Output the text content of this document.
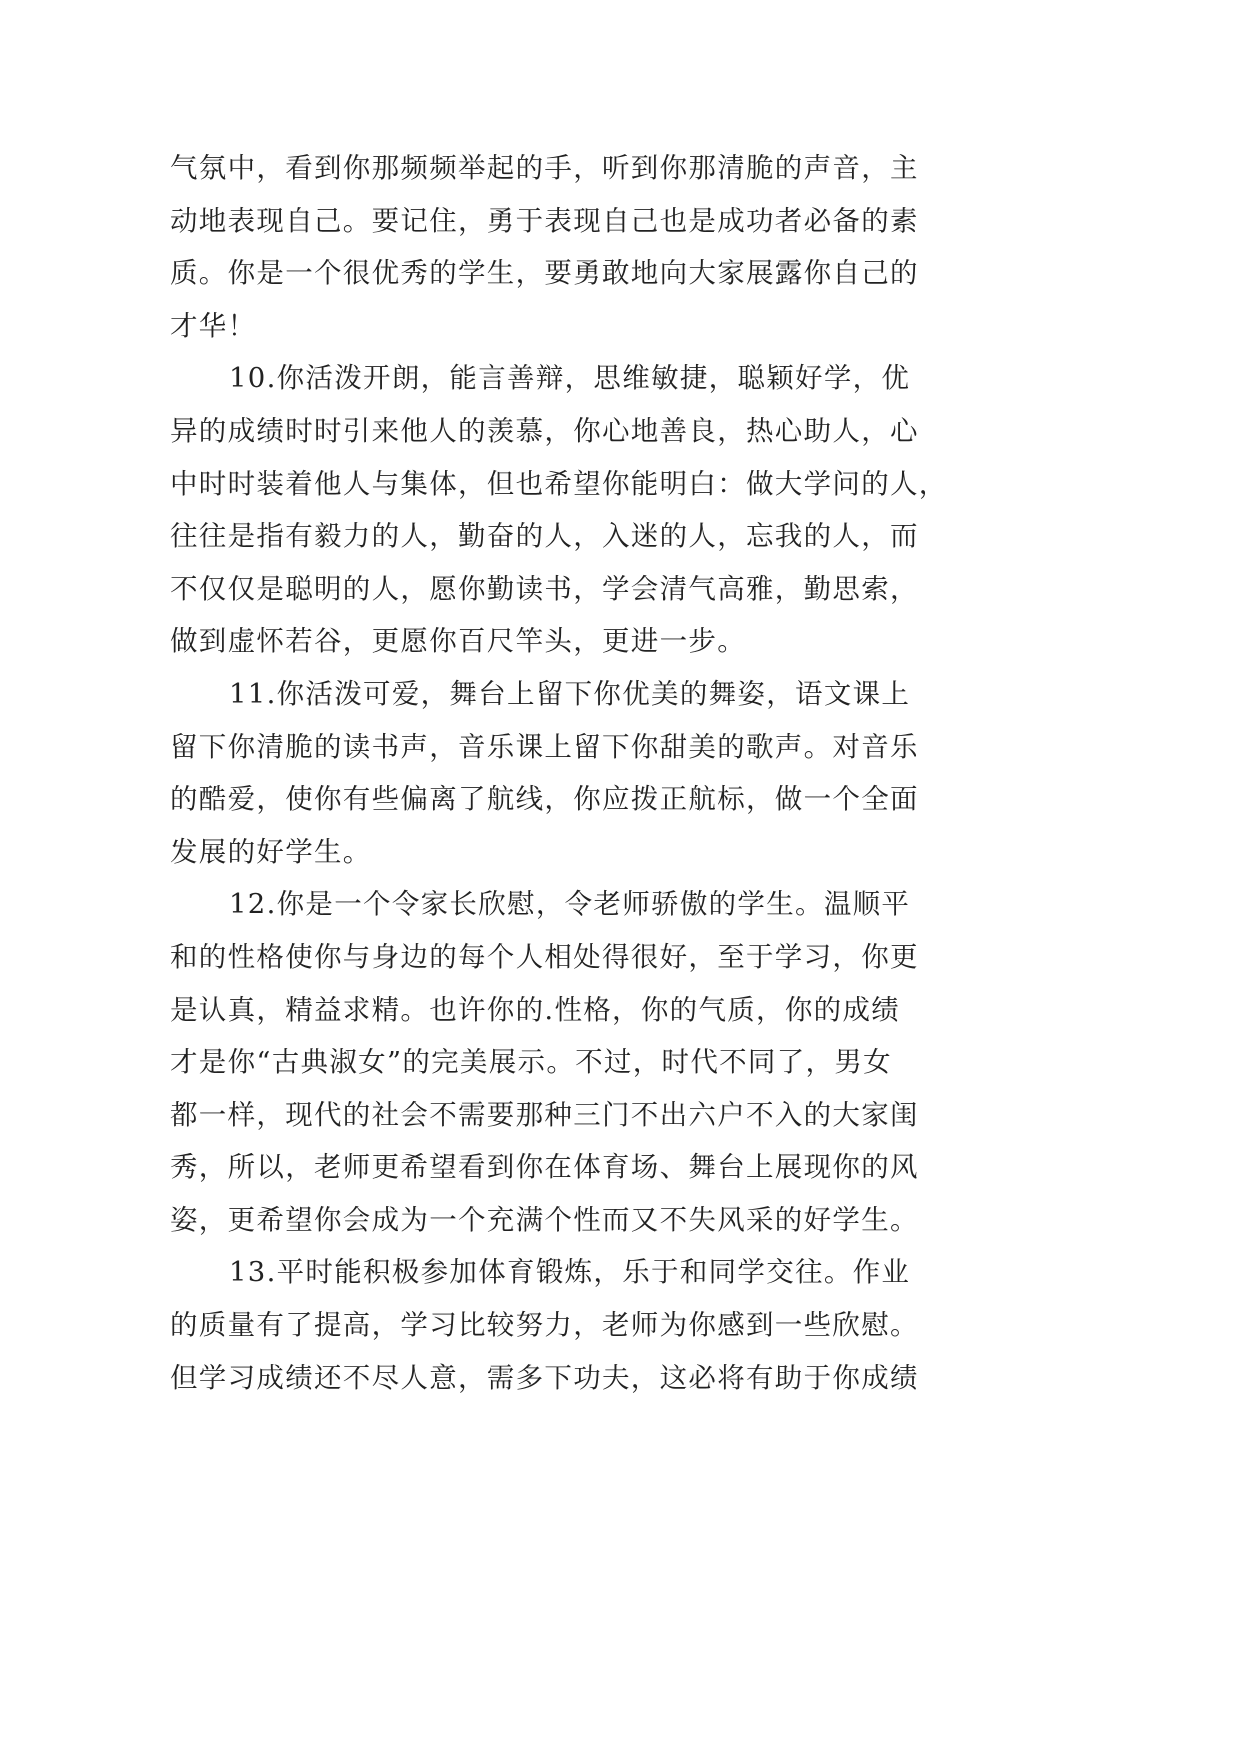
气氛中，看到你那频频举起的手，听到你那清脆的声音，主
动地表现自己。要记住，勇于表现自己也是成功者必备的素
质。你是一个很优秀的学生，要勇敢地向大家展露你自己的
才华！
10.你活泼开朗，能言善辩，思维敏捷，聪颖好学，优
异的成绩时时引来他人的羡慕，你心地善良，热心助人，心
中时时装着他人与集体，但也希望你能明白：做大学问的人，
往往是指有毅力的人，勤奋的人，入迷的人，忘我的人，而
不仅仅是聪明的人，愿你勤读书，学会清气高雅，勤思索，
做到虚怀若谷，更愿你百尺竿头，更进一步。
11.你活泼可爱，舞台上留下你优美的舞姿，语文课上
留下你清脆的读书声，音乐课上留下你甜美的歌声。对音乐
的酷爱，使你有些偏离了航线，你应拨正航标，做一个全面
发展的好学生。
12.你是一个令家长欣慰，令老师骄傲的学生。温顺平
和的性格使你与身边的每个人相处得很好，至于学习，你更
是认真，精益求精。也许你的.性格，你的气质，你的成绩
才是你“古典淑女”的完美展示。不过，时代不同了，男女
都一样，现代的社会不需要那种三门不出六户不入的大家闺
秀，所以，老师更希望看到你在体育场、舞台上展现你的风
姿，更希望你会成为一个充满个性而又不失风采的好学生。
13.平时能积极参加体育锻炼，乐于和同学交往。作业
的质量有了提高，学习比较努力，老师为你感到一些欣慰。
但学习成绩还不尽人意，需多下功夫，这必将有助于你成绩
